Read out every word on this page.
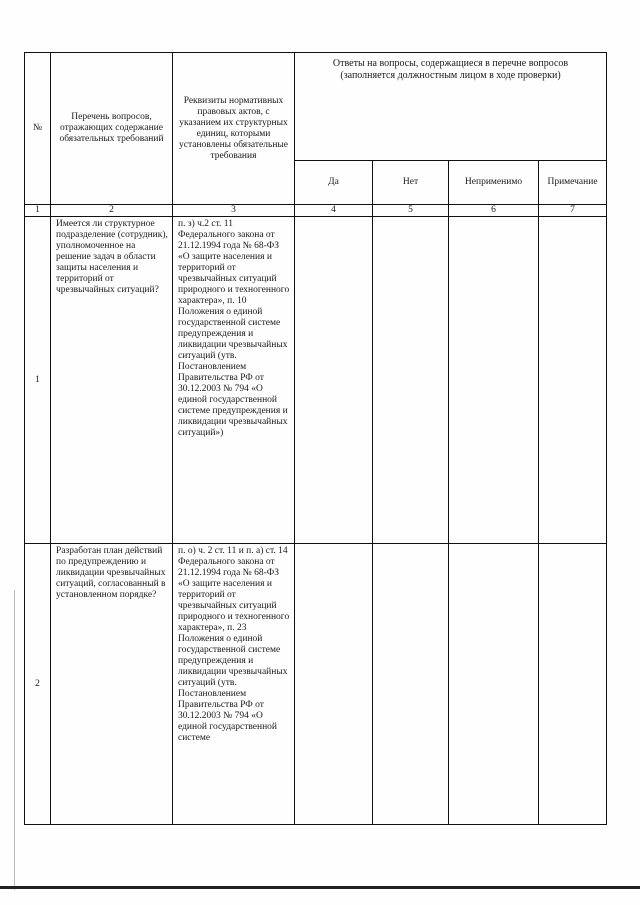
№	Перечень вопросов, отражающих содержание обязательных требований	Реквизиты нормативных правовых актов, с указанием их структурных единиц, которыми установлены обязательные требования	Ответы на вопросы, содержащиеся в перечне вопросов (заполняется должностным лицом в ходе проверки)			
			Да	Нет	Неприменимо	Примечание
1	2	3	4	5	6	7
1	Имеется ли структурное подразделение (сотрудник), уполномоченное на решение задач в области защиты населения и территорий от чрезвычайных ситуаций?	п. з) ч.2 ст. 11 Федерального закона от 21.12.1994 года № 68-ФЗ «О защите населения и территорий от чрезвычайных ситуаций природного и техногенного характера», п. 10 Положения о единой государственной системе предупреждения и ликвидации чрезвычайных ситуаций (утв. Постановлением Правительства РФ от 30.12.2003 № 794 «О единой государственной системе предупреждения и ликвидации чрезвычайных ситуаций»)				
2	Разработан план действий по предупреждению и ликвидации чрезвычайных ситуаций, согласованный в установленном порядке?	п. о) ч. 2 ст. 11 и п. а) ст. 14 Федерального закона от 21.12.1994 года № 68-ФЗ «О защите населения и территорий от чрезвычайных ситуаций природного и техногенного характера», п. 23 Положения о единой государственной системе предупреждения и ликвидации чрезвычайных ситуаций (утв. Постановлением Правительства РФ от 30.12.2003 № 794 «О единой государственной системе				
